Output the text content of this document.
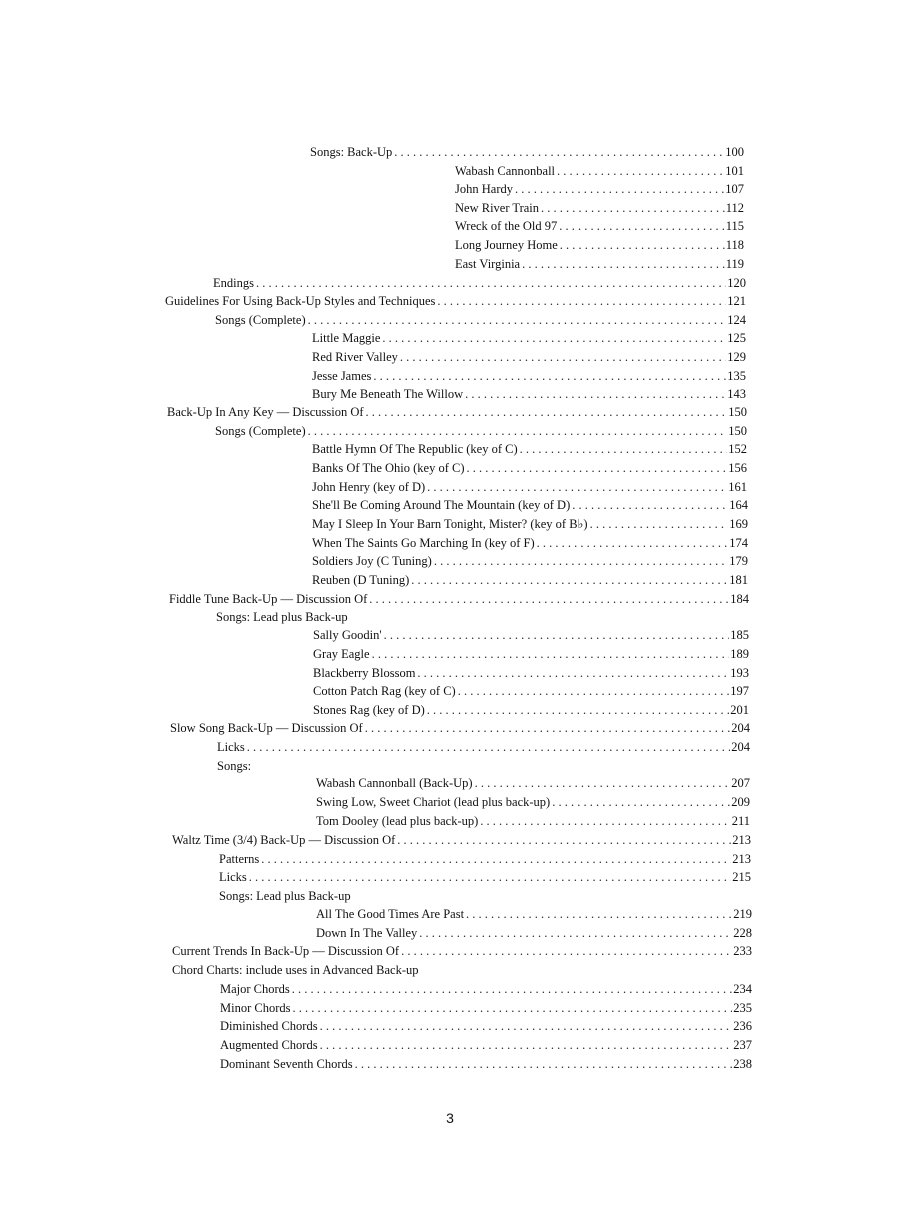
Songs: Back-Up . . .	100
Wabash Cannonball . . .	101
John Hardy . . .	107
New River Train . . .	112
Wreck of the Old 97 . . .	115
Long Journey Home . . .	118
East Virginia . . .	119
Endings . . .	120
Guidelines For Using Back-Up Styles and Techniques . . .	121
Songs (Complete) . . .	124
Little Maggie . . .	125
Red River Valley . . .	129
Jesse James . . .	135
Bury Me Beneath The Willow . . .	143
Back-Up In Any Key — Discussion Of . . .	150
Songs (Complete) . . .	150
Battle Hymn Of The Republic (key of C) . . .	152
Banks Of The Ohio (key of C) . . .	156
John Henry (key of D) . . .	161
She'll Be Coming Around The Mountain (key of D) . . .	164
May I Sleep In Your Barn Tonight, Mister? (key of B♭) . . .	169
When The Saints Go Marching In (key of F) . . .	174
Soldiers Joy (C Tuning) . . .	179
Reuben (D Tuning) . . .	181
Fiddle Tune Back-Up — Discussion Of . . .	184
Songs: Lead plus Back-up
Sally Goodin' . . .	185
Gray Eagle . . .	189
Blackberry Blossom . . .	193
Cotton Patch Rag (key of C) . . .	197
Stones Rag (key of D) . . .	201
Slow Song Back-Up — Discussion Of . . .	204
Licks . . .	204
Songs:
Wabash Cannonball (Back-Up) . . .	207
Swing Low, Sweet Chariot (lead plus back-up) . . .	209
Tom Dooley (lead plus back-up) . . .	211
Waltz Time (3/4) Back-Up — Discussion Of . . .	213
Patterns . . .	213
Licks . . .	215
Songs: Lead plus Back-up
All The Good Times Are Past . . .	219
Down In The Valley . . .	228
Current Trends In Back-Up — Discussion Of . . .	233
Chord Charts: include uses in Advanced Back-up
Major Chords . . .	234
Minor Chords . . .	235
Diminished Chords . . .	236
Augmented Chords . . .	237
Dominant Seventh Chords . . .	238
3
